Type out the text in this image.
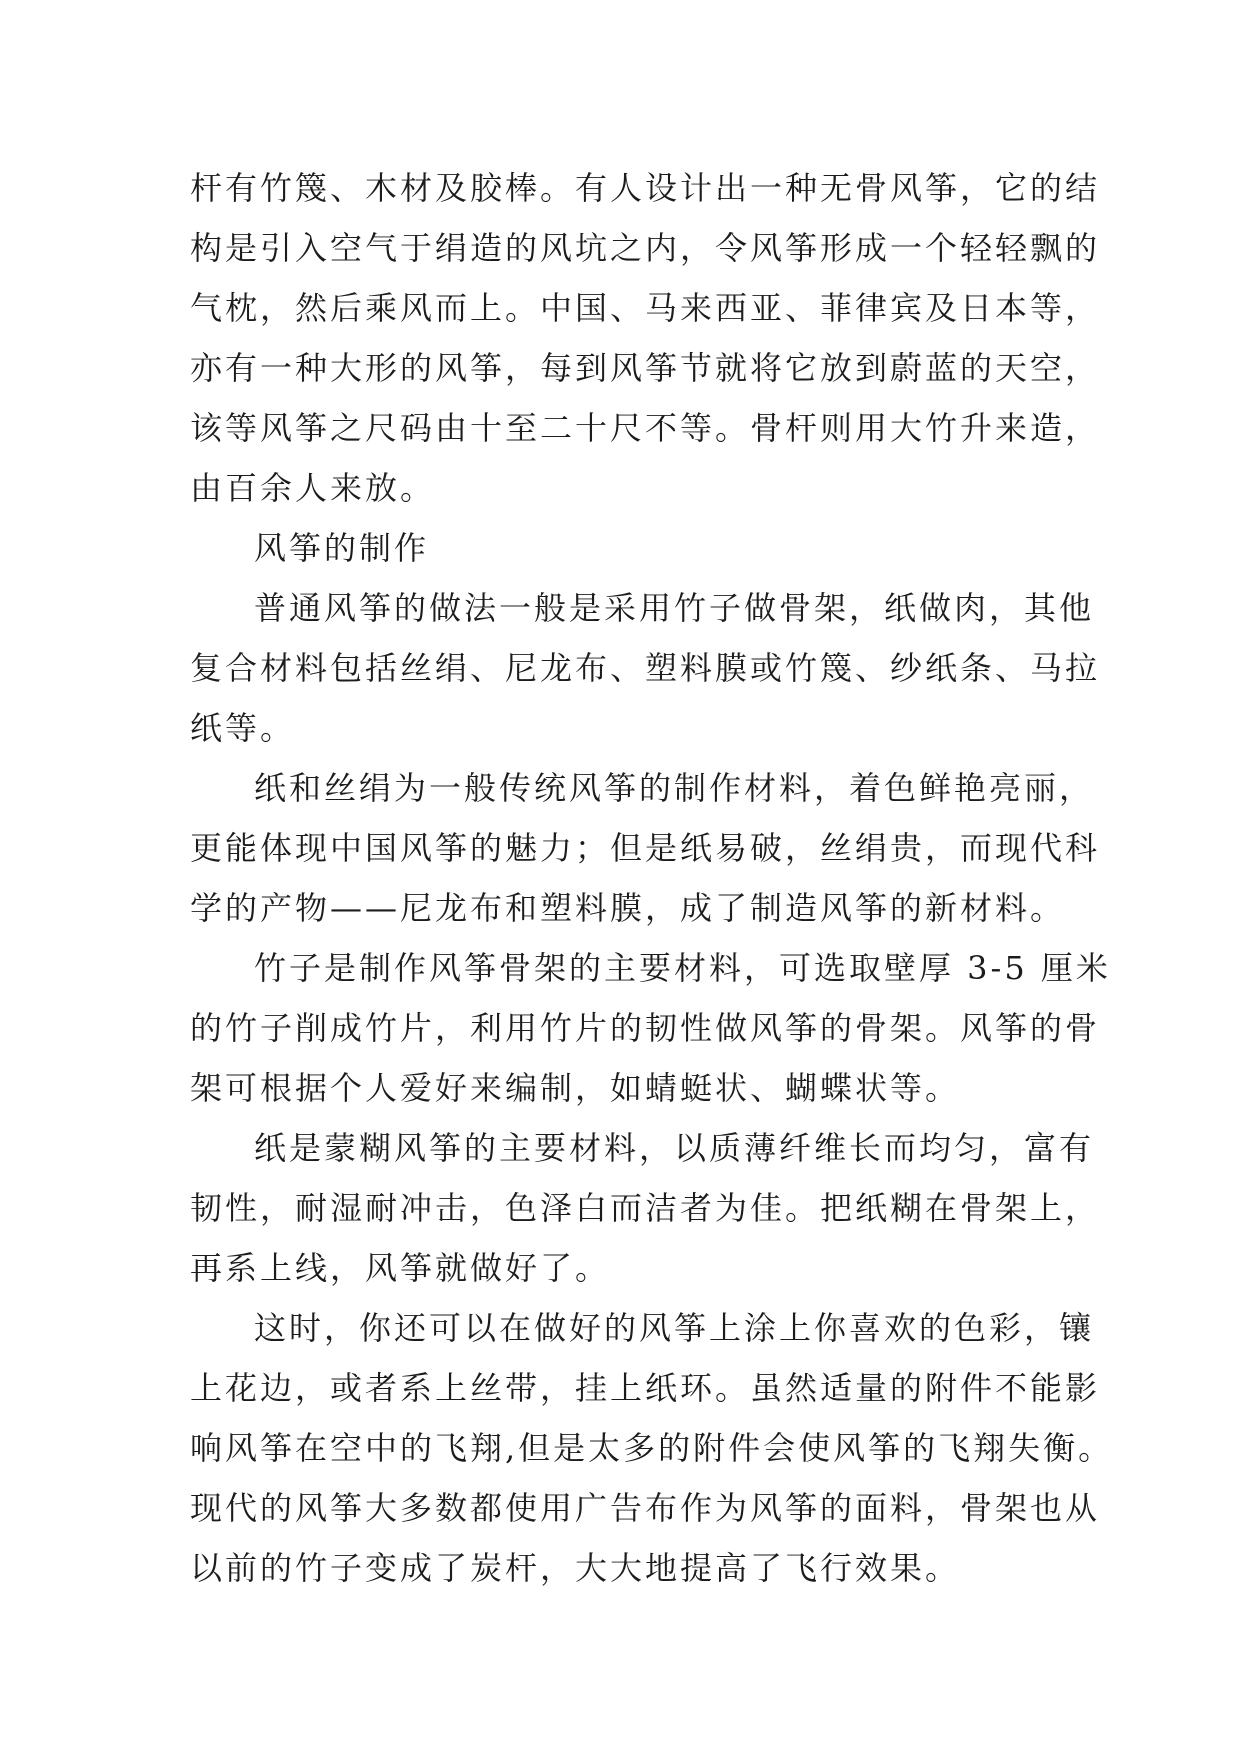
杆有竹篾、木材及胶棒。有人设计出一种无骨风筝，它的结
构是引入空气于绢造的风坑之内，令风筝形成一个轻轻飘的
气枕，然后乘风而上。中国、马来西亚、菲律宾及日本等，
亦有一种大形的风筝，每到风筝节就将它放到蔚蓝的天空，
该等风筝之尺码由十至二十尺不等。骨杆则用大竹升来造，
由百余人来放。
风筝的制作
普通风筝的做法一般是采用竹子做骨架，纸做肉，其他
复合材料包括丝绢、尼龙布、塑料膜或竹篾、纱纸条、马拉
纸等。
纸和丝绢为一般传统风筝的制作材料，着色鲜艳亮丽，
更能体现中国风筝的魅力；但是纸易破，丝绢贵，而现代科
学的产物——尼龙布和塑料膜，成了制造风筝的新材料。
竹子是制作风筝骨架的主要材料，可选取壁厚 3-5 厘米
的竹子削成竹片，利用竹片的韧性做风筝的骨架。风筝的骨
架可根据个人爱好来编制，如蜻蜓状、蝴蝶状等。
纸是蒙糊风筝的主要材料，以质薄纤维长而均匀，富有
韧性，耐湿耐冲击，色泽白而洁者为佳。把纸糊在骨架上，
再系上线，风筝就做好了。
这时，你还可以在做好的风筝上涂上你喜欢的色彩，镶
上花边，或者系上丝带，挂上纸环。虽然适量的附件不能影
响风筝在空中的飞翔,但是太多的附件会使风筝的飞翔失衡。
现代的风筝大多数都使用广告布作为风筝的面料，骨架也从
以前的竹子变成了炭杆，大大地提高了飞行效果。
